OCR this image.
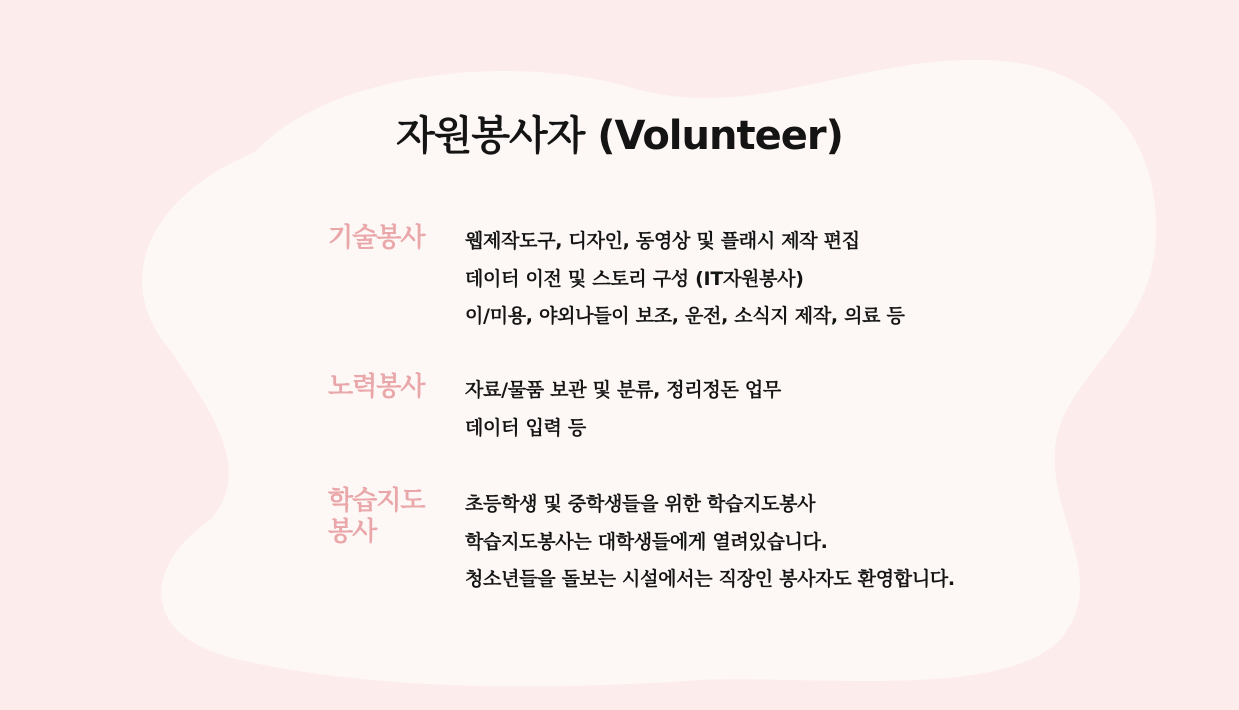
자원봉사자 (Volunteer)
기술봉사	웹제작도구, 디자인, 동영상 및 플래시 제작 편집
데이터 이전 및 스토리 구성 (IT자원봉사)
이/미용, 야외나들이 보조, 운전, 소식지 제작, 의료 등
노력봉사	자료/물품 보관 및 분류, 정리정돈 업무
데이터 입력 등
학습지도 봉사
초등학생 및 중학생들을 위한 학습지도봉사
학습지도봉사는 대학생들에게 열려있습니다.
청소년들을 돌보는 시설에서는 직장인 봉사자도 환영합니다.
